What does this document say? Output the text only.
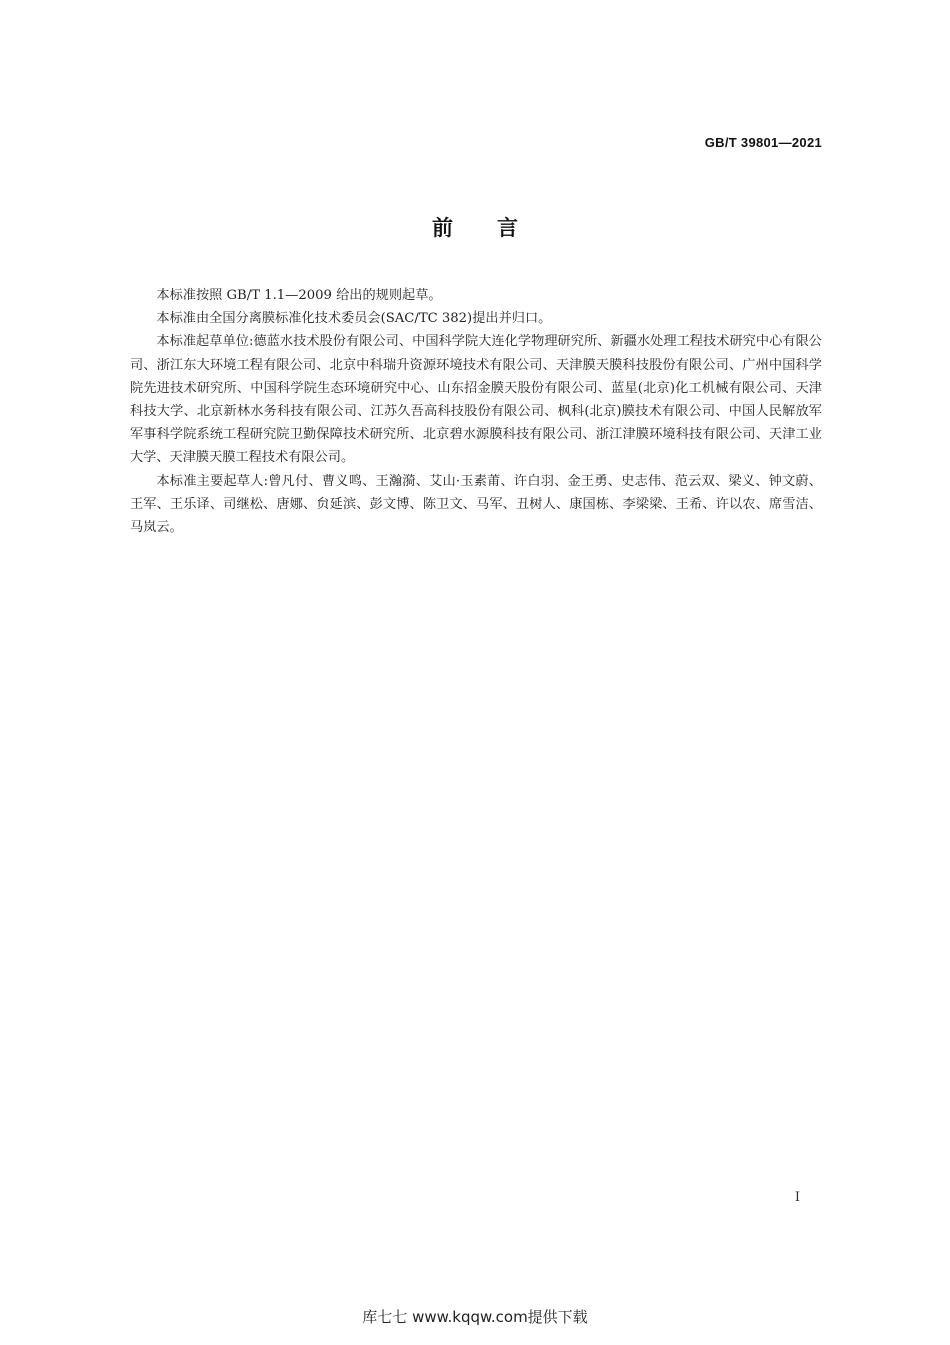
GB/T 39801—2021
前言

本标准按照 GB/T 1.1—2009 给出的规则起草。

本标准由全国分离膜标准化技术委员会(SAC/TC 382)提出并归口。

本标准起草单位:德蓝水技术股份有限公司、中国科学院大连化学物理研究所、新疆水处理工程技术研究中心有限公司、浙江东大环境工程有限公司、北京中科瑞升资源环境技术有限公司、天津膜天膜科技股份有限公司、广州中国科学院先进技术研究所、中国科学院生态环境研究中心、山东招金膜天股份有限公司、蓝星(北京)化工机械有限公司、天津科技大学、北京新林水务科技有限公司、江苏久吾高科技股份有限公司、枫科(北京)膜技术有限公司、中国人民解放军军事科学院系统工程研究院卫勤保障技术研究所、北京碧水源膜科技有限公司、浙江津膜环境科技有限公司、天津工业大学、天津膜天膜工程技术有限公司。

本标准主要起草人:曾凡付、曹义鸣、王瀚漪、艾山·玉素莆、许白羽、金王勇、史志伟、范云双、梁义、钟文蔚、王军、王乐译、司继松、唐娜、贠延滨、彭文博、陈卫文、马军、丑树人、康国栋、李梁梁、王希、许以农、席雪洁、马岚云。

I
库七七 www.kqqw.com提供下载
